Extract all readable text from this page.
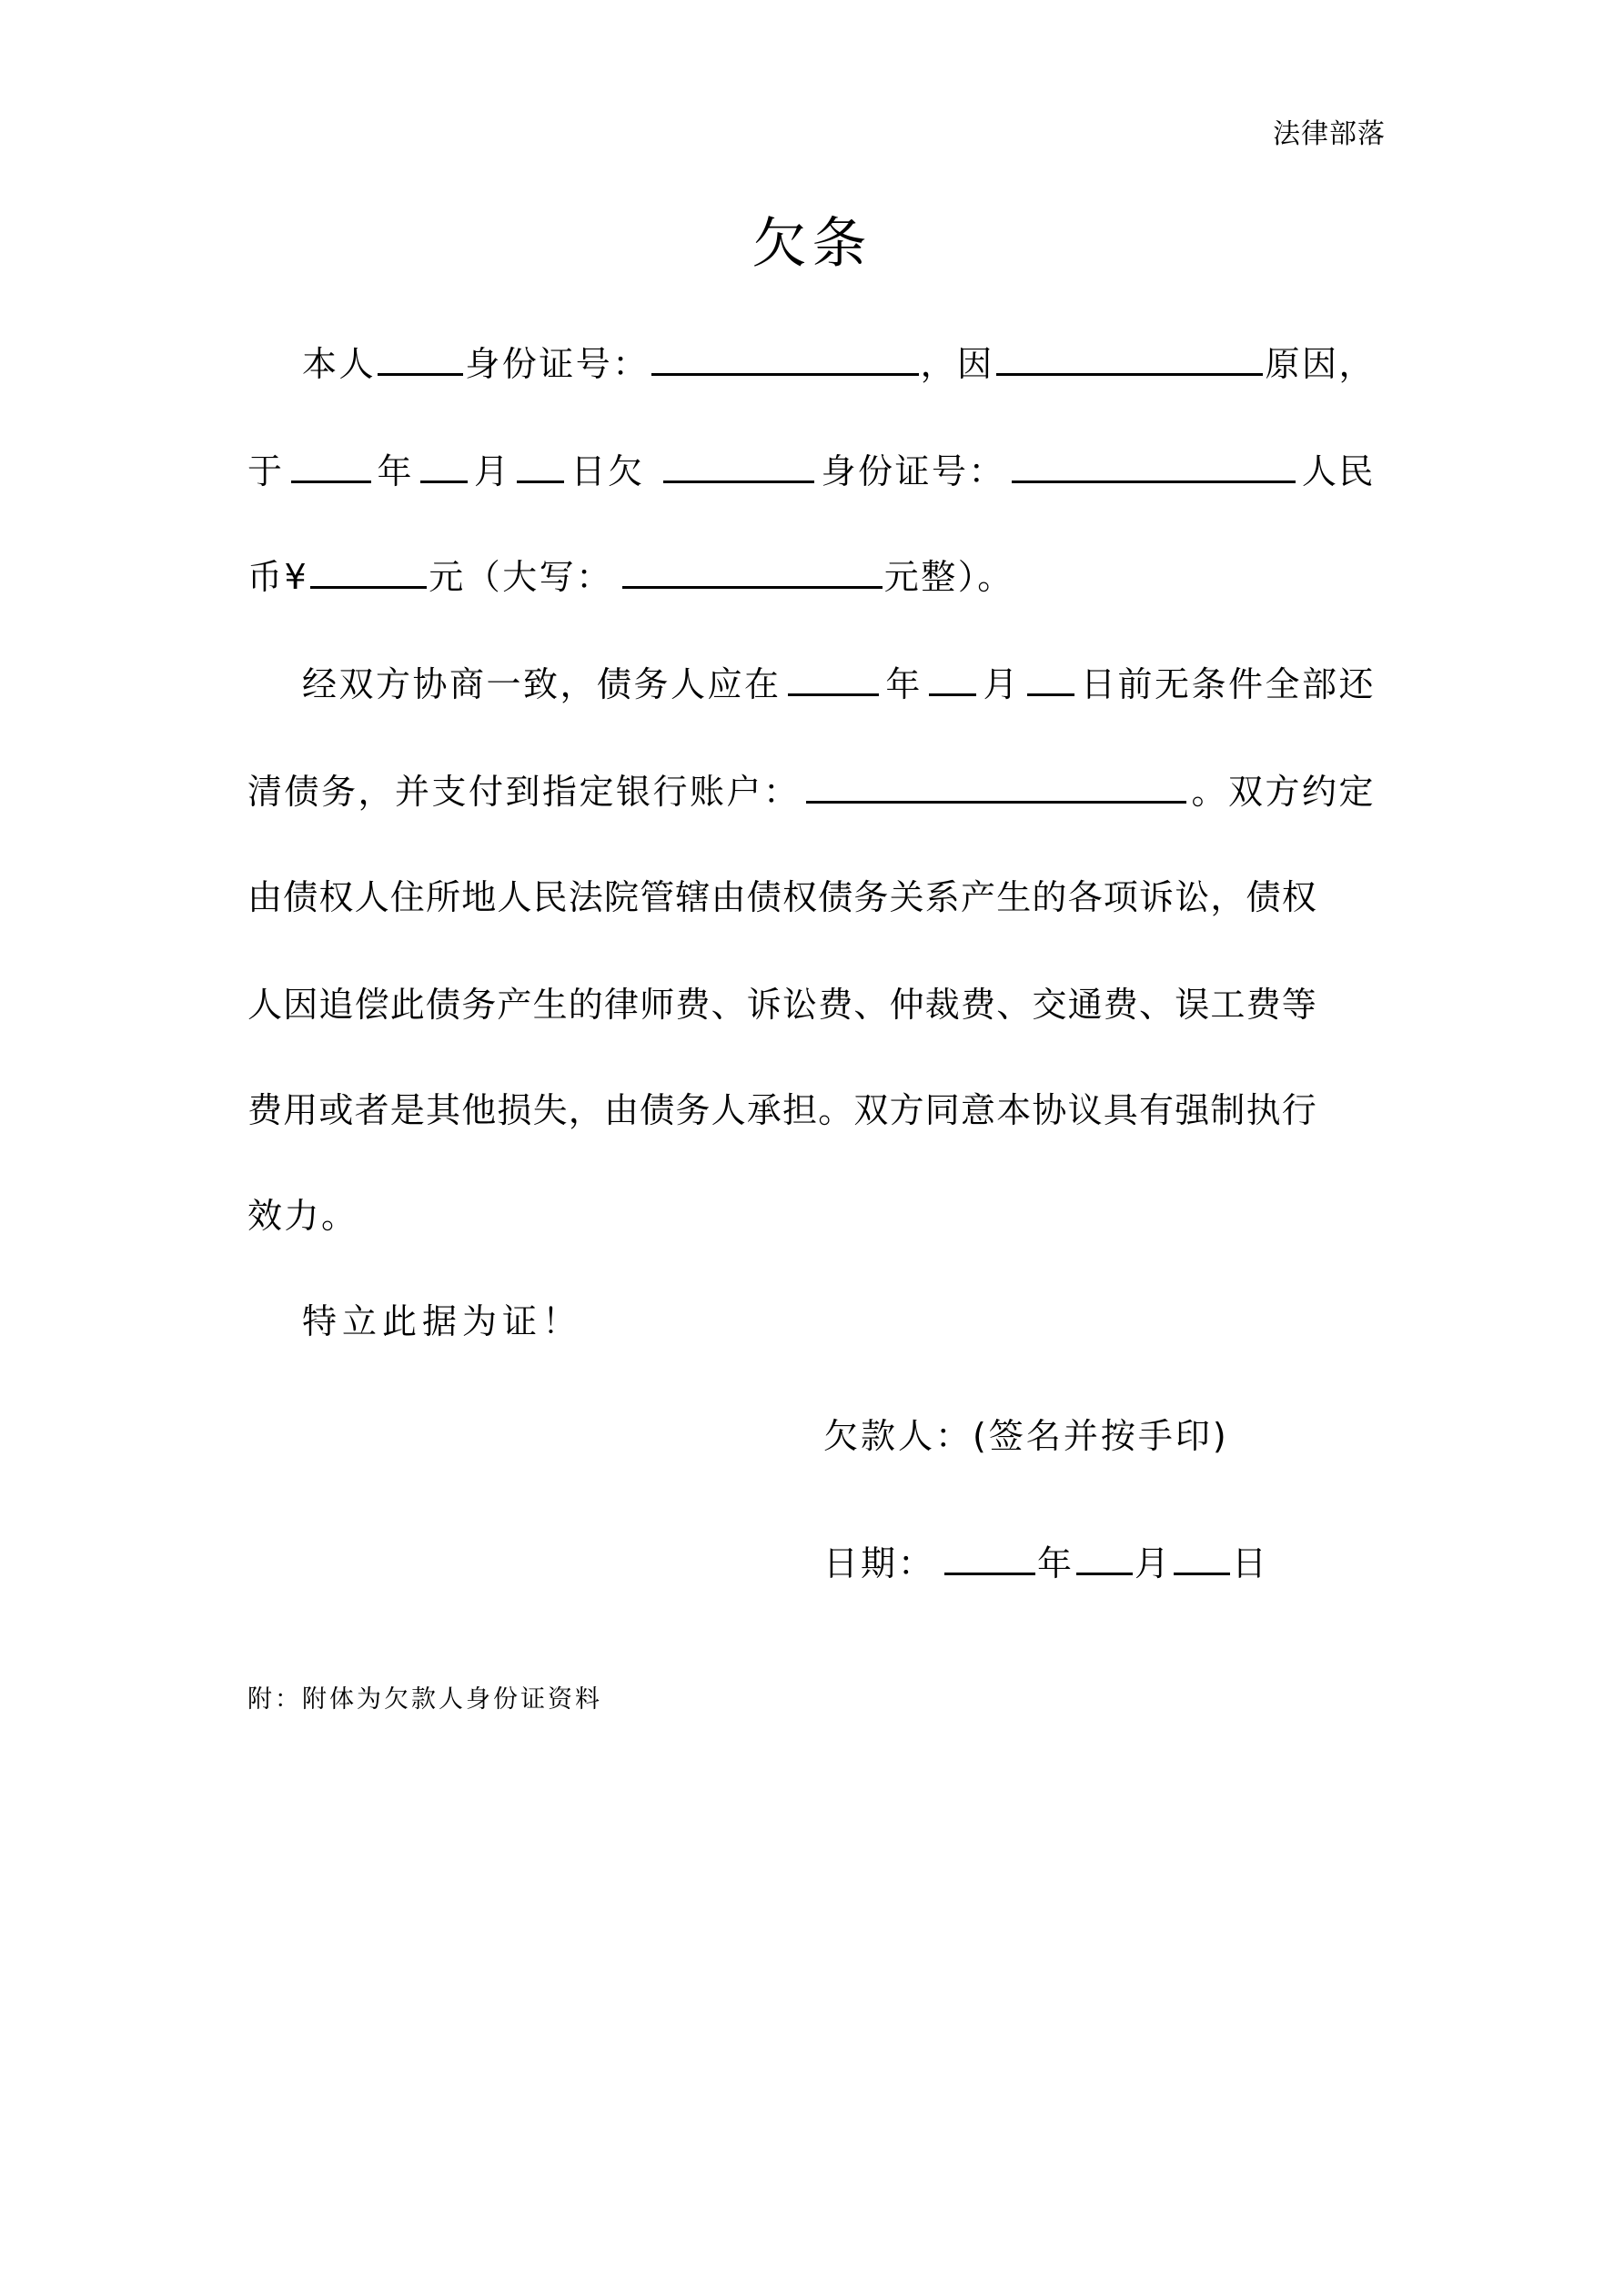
法律部落
欠条
本人	身份证号：	，因	原因，
于	年 月 日欠	身份证号：	人民
币¥	元（大写：	元整）。
经双方协商一致，债务人应在	年 月 日前无条件全部还
清债务，并支付到指定银行账户：	。双方约定
由债权人住所地人民法院管辖由债权债务关系产生的各项诉讼，债权
人因追偿此债务产生的律师费、诉讼费、仲裁费、交通费、误工费等
费用或者是其他损失，由债务人承担。双方同意本协议具有强制执行
效力。
特立此据为证！
欠款人：(签名并按手印)
日期：	年 月 日
附：附体为欠款人身份证资料
